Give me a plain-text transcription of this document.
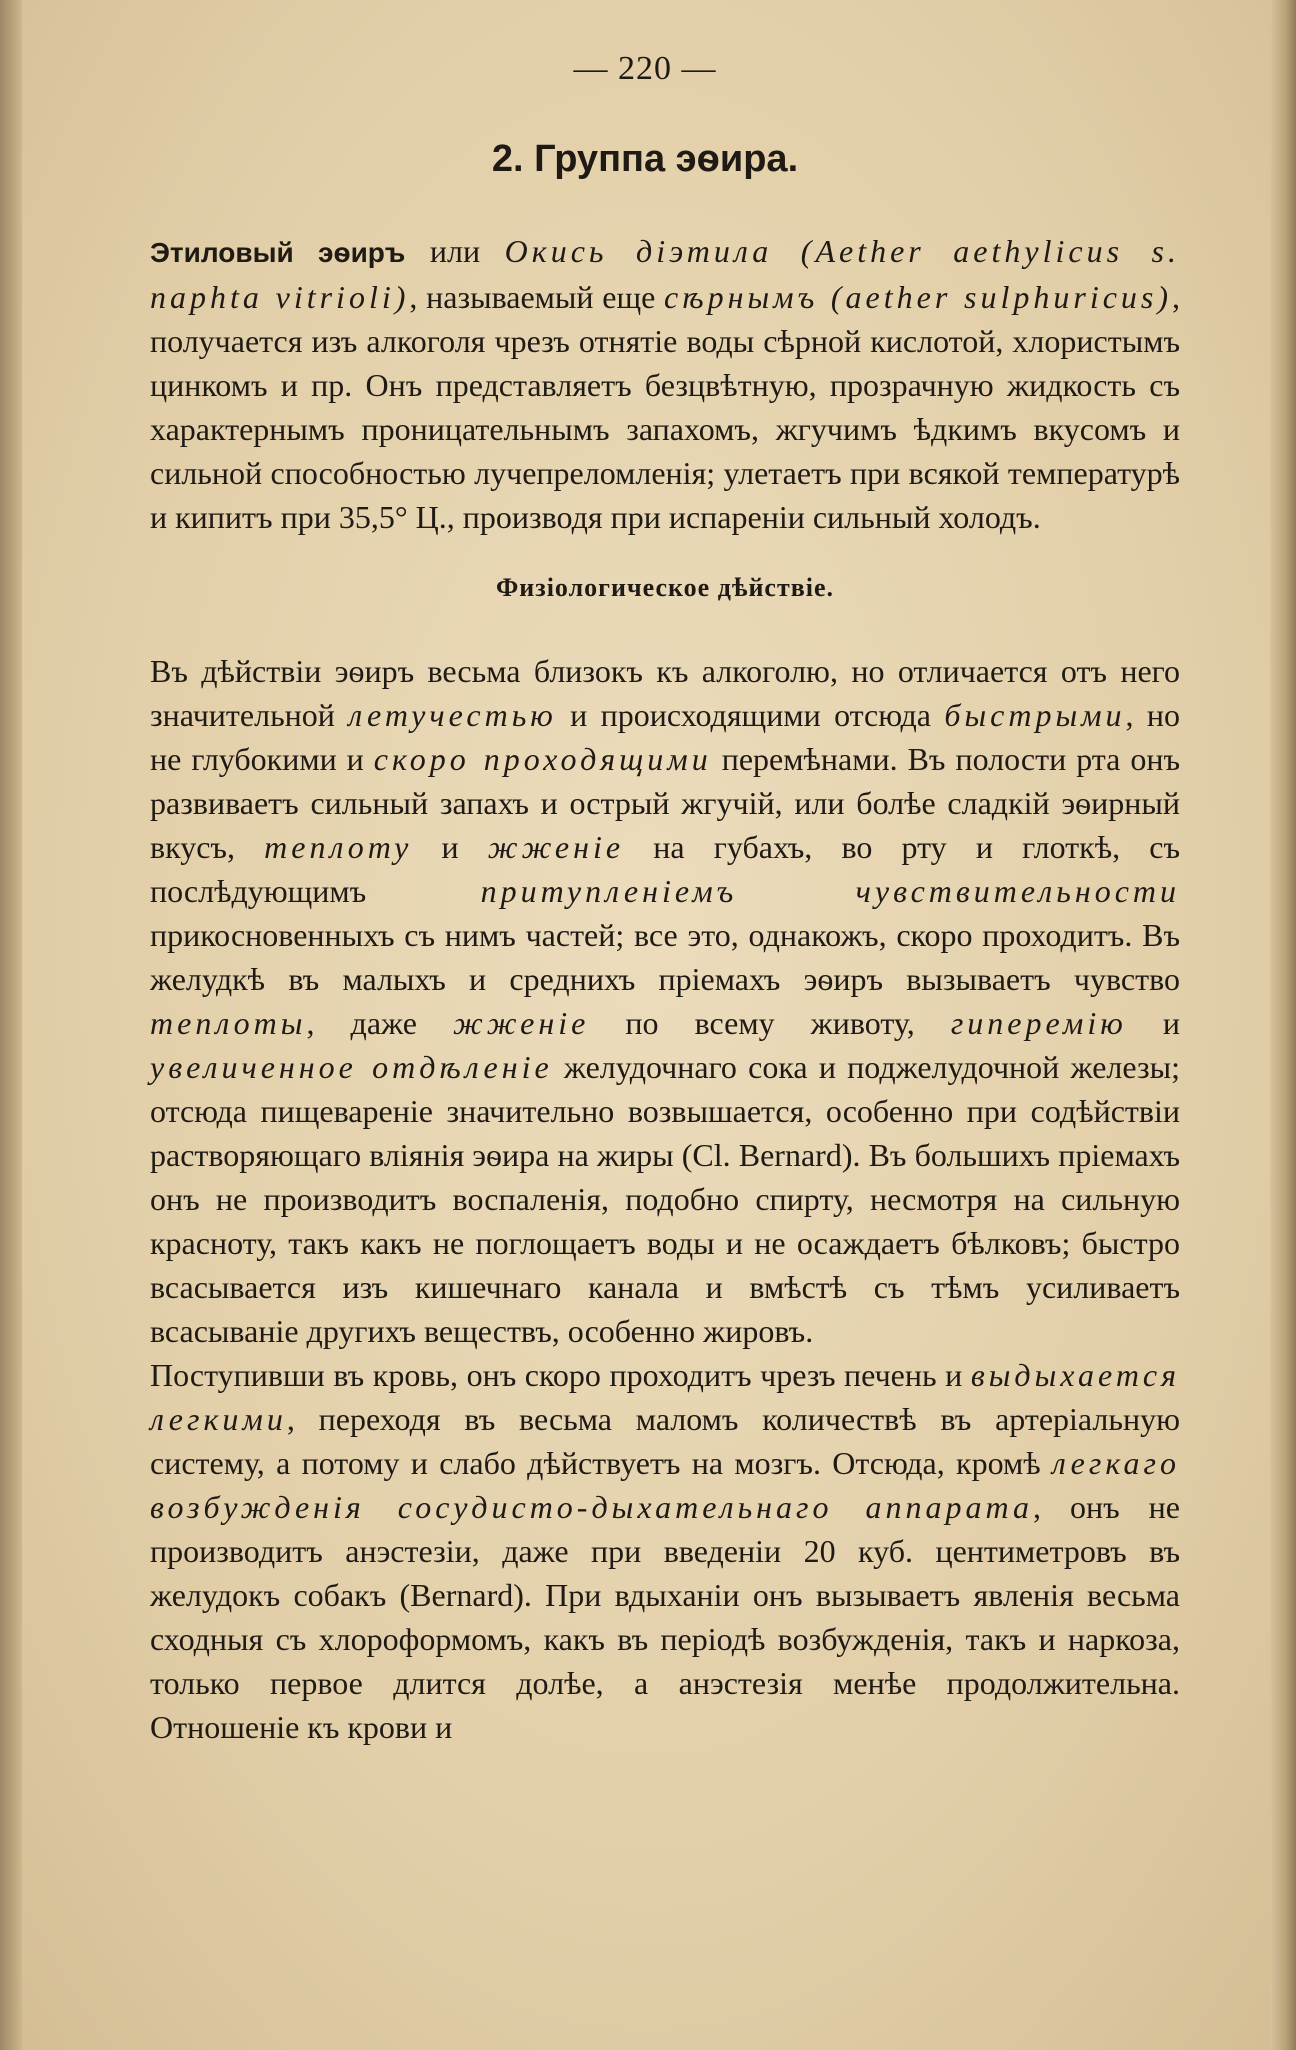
— 220 —
2. Группа эѳира.

Этиловый эѳиръ или Окись діэтила (Aether aethylicus s. naphta vitrioli), называемый еще сѣрнымъ (aether sulphuricus), получается изъ алкоголя чрезъ отнятіе воды сѣрной кислотой, хлористымъ цинкомъ и пр. Онъ представляетъ безцвѣтную, прозрачную жидкость съ характернымъ проницательнымъ запахомъ, жгучимъ ѣдкимъ вкусомъ и сильной способностью лучепреломленія; улетаетъ при всякой температурѣ и кипитъ при 35,5° Ц., производя при испареніи сильный холодъ.

Физіологическое дѣйствіе.

Въ дѣйствіи эѳиръ весьма близокъ къ алкоголю, но отличается отъ него значительной летучестью и происходящими отсюда быстрыми, но не глубокими и скоро проходящими перемѣнами. Въ полости рта онъ развиваетъ сильный запахъ и острый жгучій, или болѣе сладкій эѳирный вкусъ, теплоту и жженіе на губахъ, во рту и глоткѣ, съ послѣдующимъ притупленіемъ чувствительности прикосновенныхъ съ нимъ частей; все это, однакожъ, скоро проходитъ. Въ желудкѣ въ малыхъ и среднихъ пріемахъ эѳиръ вызываетъ чувство теплоты, даже жженіе по всему животу, гиперемію и увеличенное отдѣленіе желудочнаго сока и поджелудочной железы; отсюда пищевареніе значительно возвышается, особенно при содѣйствіи растворяющаго вліянія эѳира на жиры (Cl. Bernard). Въ большихъ пріемахъ онъ не производитъ воспаленія, подобно спирту, несмотря на сильную красноту, такъ какъ не поглощаетъ воды и не осаждаетъ бѣлковъ; быстро всасывается изъ кишечнаго канала и вмѣстѣ съ тѣмъ усиливаетъ всасываніе другихъ веществъ, особенно жировъ.

Поступивши въ кровь, онъ скоро проходитъ чрезъ печень и выдыхается легкими, переходя въ весьма маломъ количествѣ въ артеріальную систему, а потому и слабо дѣйствуетъ на мозгъ. Отсюда, кромѣ легкаго возбужденія сосудисто-дыхательнаго аппарата, онъ не производитъ анэстезіи, даже при введеніи 20 куб. центиметровъ въ желудокъ собакъ (Bernard). При вдыханіи онъ вызываетъ явленія весьма сходныя съ хлороформомъ, какъ въ періодѣ возбужденія, такъ и наркоза, только первое длится долѣе, а анэстезія менѣе продолжительна. Отношеніе къ крови и
